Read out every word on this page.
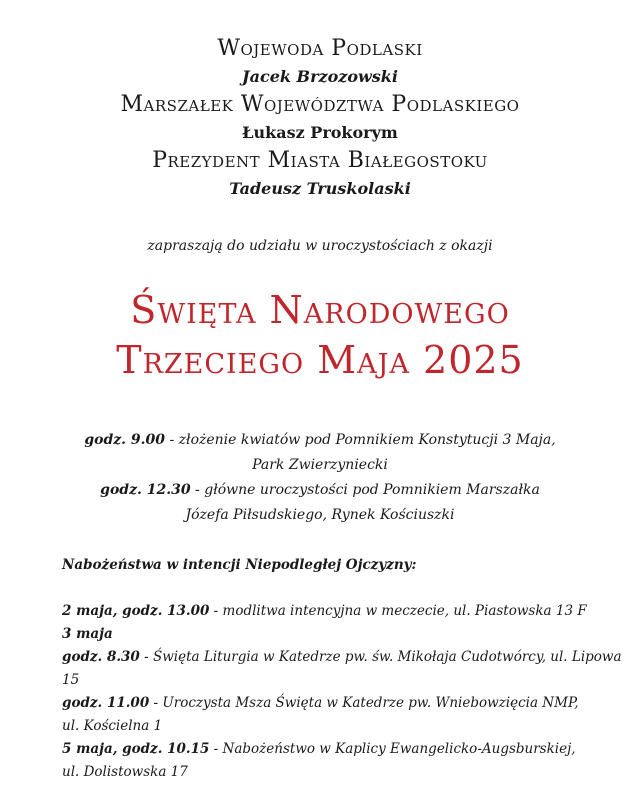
Wojewoda Podlaski
Jacek Brzozowski
Marszałek Województwa Podlaskiego
Łukasz Prokorym
Prezydent Miasta Białegostoku
Tadeusz Truskolaski
zapraszają do udziału w uroczystościach z okazji
Święta Narodowego
Trzeciego Maja 2025
godz. 9.00 - złożenie kwiatów pod Pomnikiem Konstytucji 3 Maja,
Park Zwierzyniecki
godz. 12.30 - główne uroczystości pod Pomnikiem Marszałka
Józefa Piłsudskiego, Rynek Kościuszki
Nabożeństwa w intencji Niepodległej Ojczyzny:
2 maja, godz. 13.00 - modlitwa intencyjna w meczecie, ul. Piastowska 13 F
3 maja
godz. 8.30 - Święta Liturgia w Katedrze pw. św. Mikołaja Cudotwórcy, ul. Lipowa 15
godz. 11.00 - Uroczysta Msza Święta w Katedrze pw. Wniebowzięcia NMP,
ul. Kościelna 1
5 maja, godz. 10.15 - Nabożeństwo w Kaplicy Ewangelicko-Augsburskiej,
ul. Dolistowska 17
